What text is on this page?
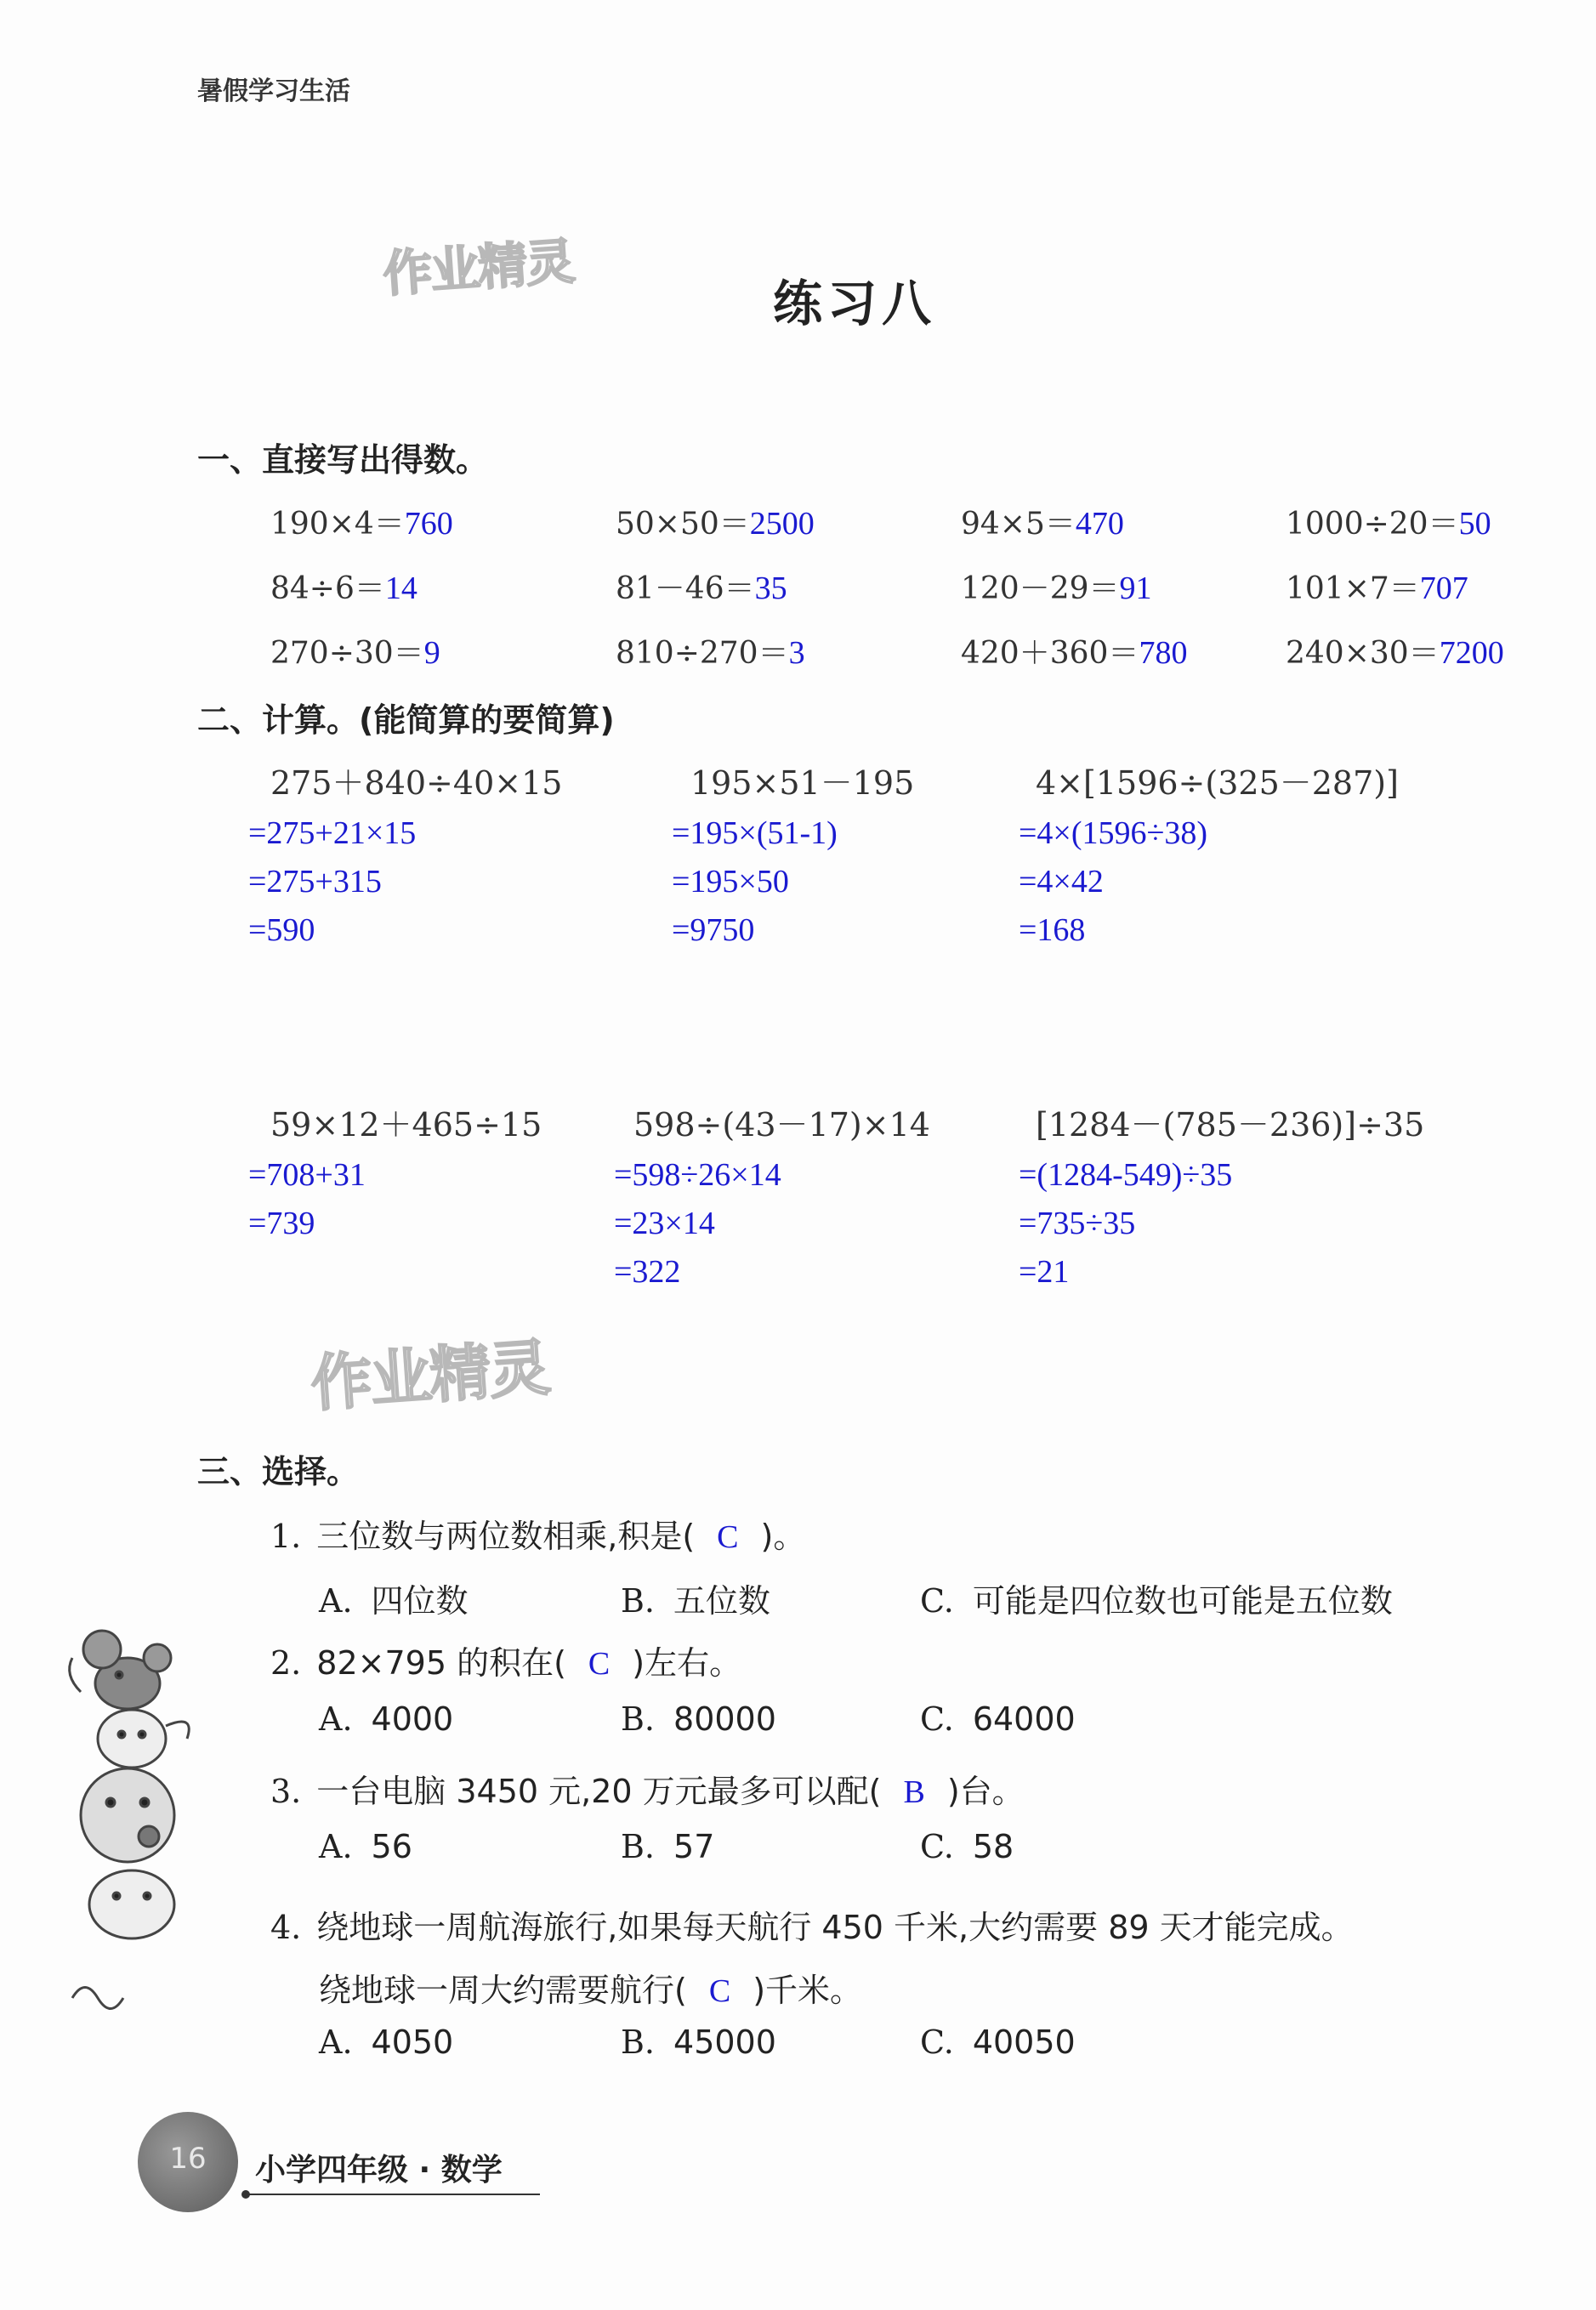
暑假学习生活
作业精灵
练习八
一、直接写出得数。
190×4＝760	50×50＝2500	94×5＝470	1000÷20＝50
84÷6＝14	81－46＝35	120－29＝91	101×7＝707
270÷30＝9	810÷270＝3	420＋360＝780	240×30＝7200
二、计算。(能简算的要简算)
275＋840÷40×15
=275+21×15
=275+315
=590
195×51－195
=195×(51-1)
=195×50
=9750
4×[1596÷(325－287)]
=4×(1596÷38)
=4×42
=168
59×12＋465÷15
=708+31
=739
598÷(43－17)×14
=598÷26×14
=23×14
=322
[1284－(785－236)]÷35
=(1284-549)÷35
=735÷35
=21
作业精灵
三、选择。
1. 三位数与两位数相乘,积是( C )。
A. 四位数	B. 五位数	C. 可能是四位数也可能是五位数
2. 82×795 的积在( C )左右。
A. 4000	B. 80000	C. 64000
3. 一台电脑 3450 元,20 万元最多可以配( B )台。
A. 56	B. 57	C. 58
4. 绕地球一周航海旅行,如果每天航行 450 千米,大约需要 89 天才能完成。
绕地球一周大约需要航行( C )千米。
A. 4050	B. 45000	C. 40050
16	小学四年级 · 数学
